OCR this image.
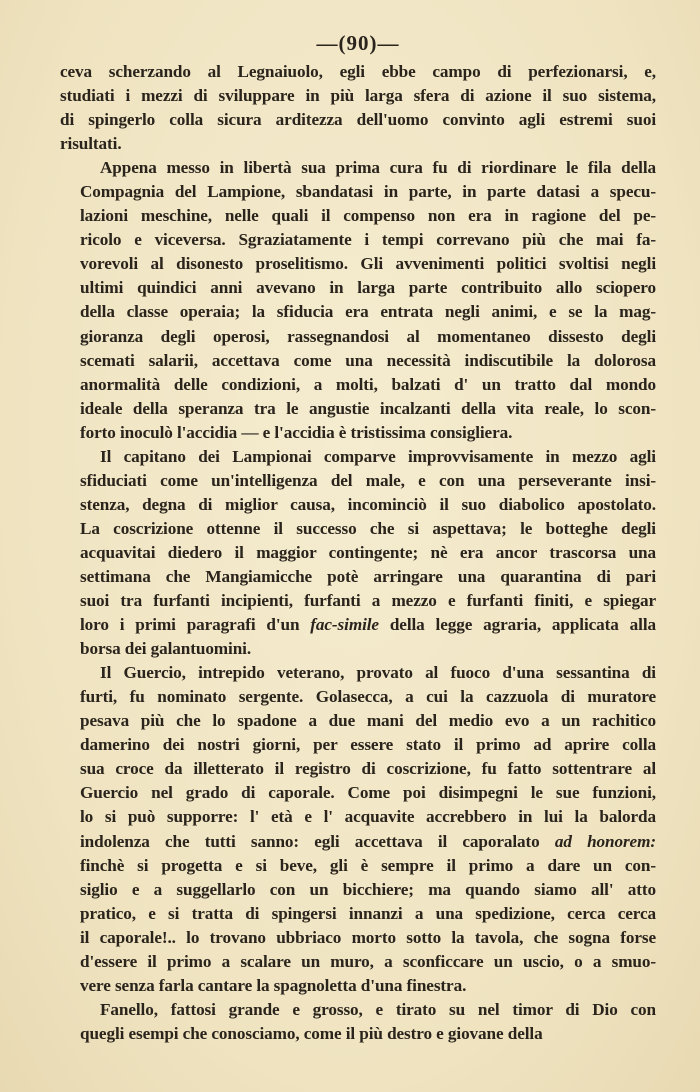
—(90)—

ceva scherzando al Legnaiuolo, egli ebbe campo di perfezionarsi, e,
studiati i mezzi di sviluppare in più larga sfera di azione il suo sistema,
di spingerlo colla sicura arditezza dell'uomo convinto agli estremi suoi
risultati.

Appena messo in libertà sua prima cura fu di riordinare le fila della
Compagnia del Lampione, sbandatasi in parte, in parte datasi a specu-
lazioni meschine, nelle quali il compenso non era in ragione del pe-
ricolo e viceversa. Sgraziatamente i tempi correvano più che mai fa-
vorevoli al disonesto proselitismo. Gli avvenimenti politici svoltisi negli
ultimi quindici anni avevano in larga parte contribuito allo sciopero
della classe operaia; la sfiducia era entrata negli animi, e se la mag-
gioranza degli operosi, rassegnandosi al momentaneo dissesto degli
scemati salarii, accettava come una necessità indiscutibile la dolorosa
anormalità delle condizioni, a molti, balzati d' un tratto dal mondo
ideale della speranza tra le angustie incalzanti della vita reale, lo scon-
forto inoculò l'accidia — e l'accidia è tristissima consigliera.

Il capitano dei Lampionai comparve improvvisamente in mezzo agli
sfiduciati come un'intelligenza del male, e con una perseverante insi-
stenza, degna di miglior causa, incominciò il suo diabolico apostolato.
La coscrizione ottenne il successo che si aspettava; le botteghe degli
acquavitai diedero il maggior contingente; nè era ancor trascorsa una
settimana che Mangiamicche potè arringare una quarantina di pari
suoi tra furfanti incipienti, furfanti a mezzo e furfanti finiti, e spiegar
loro i primi paragrafi d'un fac-simile della legge agraria, applicata alla
borsa dei galantuomini.

Il Guercio, intrepido veterano, provato al fuoco d'una sessantina di
furti, fu nominato sergente. Golasecca, a cui la cazzuola di muratore
pesava più che lo spadone a due mani del medio evo a un rachitico
damerino dei nostri giorni, per essere stato il primo ad aprire colla
sua croce da illetterato il registro di coscrizione, fu fatto sottentrare al
Guercio nel grado di caporale. Come poi disimpegni le sue funzioni,
lo si può supporre: l' età e l' acquavite accrebbero in lui la balorda
indolenza che tutti sanno: egli accettava il caporalato ad honorem:
finchè si progetta e si beve, gli è sempre il primo a dare un con-
siglio e a suggellarlo con un bicchiere; ma quando siamo all' atto
pratico, e si tratta di spingersi innanzi a una spedizione, cerca cerca
il caporale!.. lo trovano ubbriaco morto sotto la tavola, che sogna forse
d'essere il primo a scalare un muro, a sconficcare un uscio, o a smuo-
vere senza farla cantare la spagnoletta d'una finestra.

Fanello, fattosi grande e grosso, e tirato su nel timor di Dio con
quegli esempi che conosciamo, come il più destro e giovane della
